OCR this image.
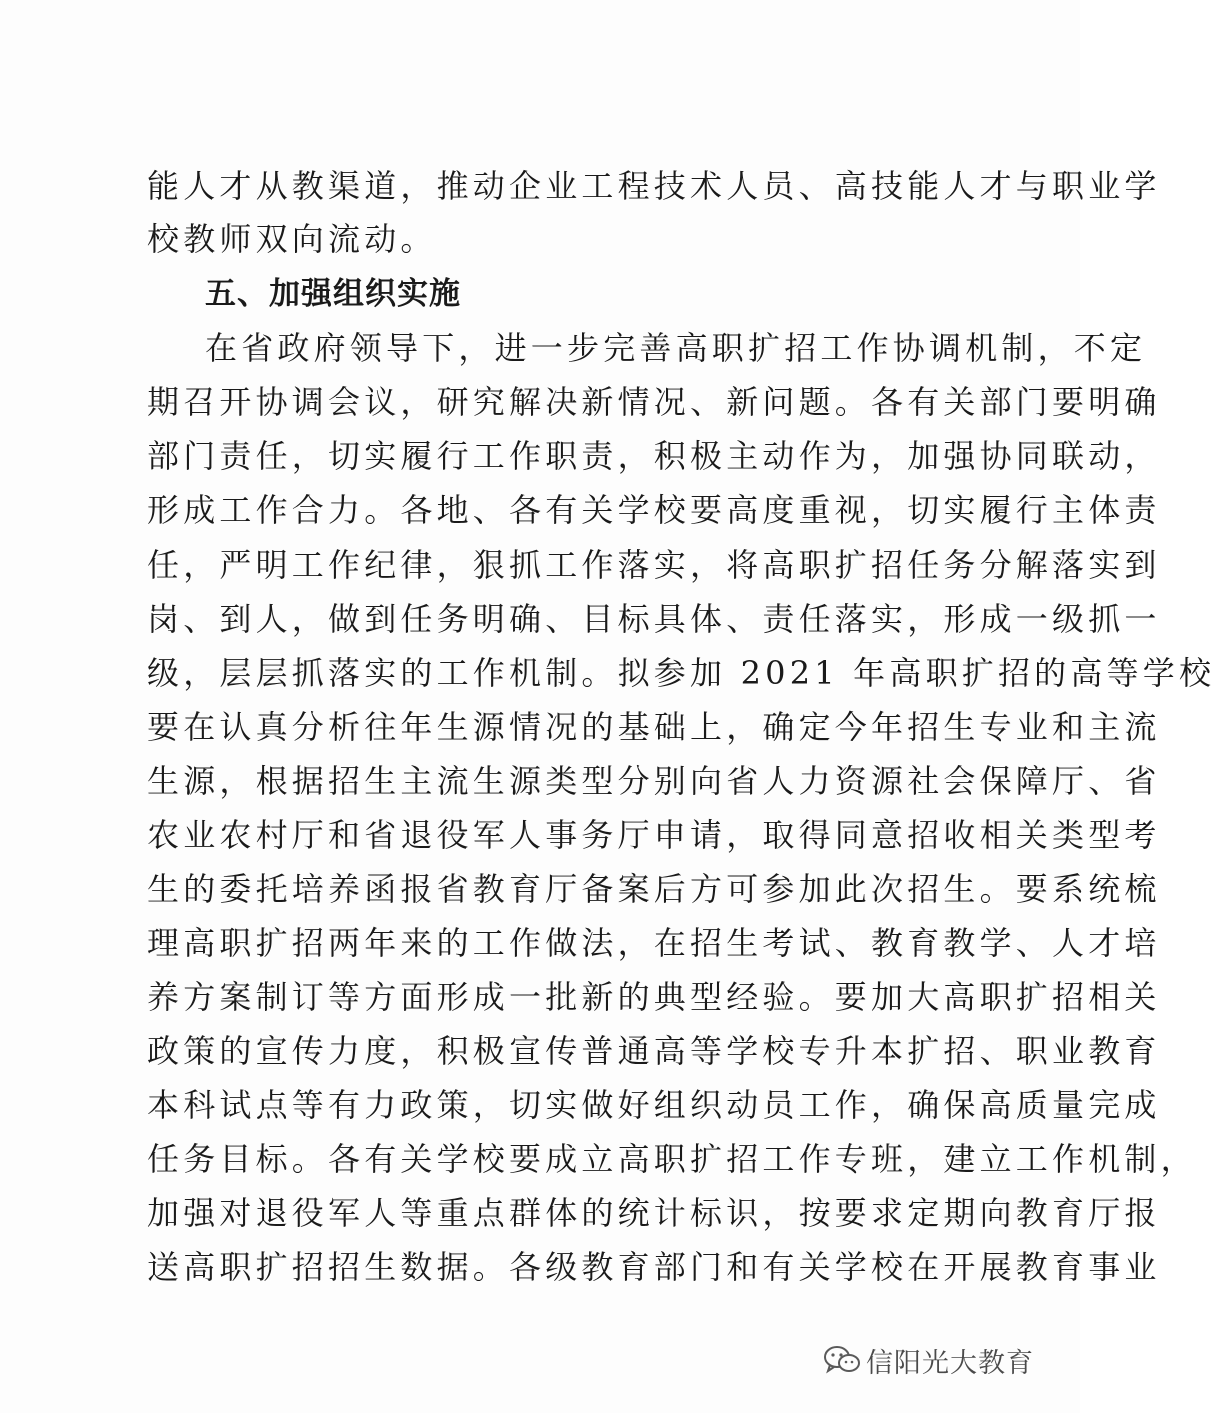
能人才从教渠道，推动企业工程技术人员、高技能人才与职业学
校教师双向流动。
五、加强组织实施
在省政府领导下，进一步完善高职扩招工作协调机制，不定
期召开协调会议，研究解决新情况、新问题。各有关部门要明确
部门责任，切实履行工作职责，积极主动作为，加强协同联动，
形成工作合力。各地、各有关学校要高度重视，切实履行主体责
任，严明工作纪律，狠抓工作落实，将高职扩招任务分解落实到
岗、到人，做到任务明确、目标具体、责任落实，形成一级抓一
级，层层抓落实的工作机制。拟参加 2021 年高职扩招的高等学校
要在认真分析往年生源情况的基础上，确定今年招生专业和主流
生源，根据招生主流生源类型分别向省人力资源社会保障厅、省
农业农村厅和省退役军人事务厅申请，取得同意招收相关类型考
生的委托培养函报省教育厅备案后方可参加此次招生。要系统梳
理高职扩招两年来的工作做法，在招生考试、教育教学、人才培
养方案制订等方面形成一批新的典型经验。要加大高职扩招相关
政策的宣传力度，积极宣传普通高等学校专升本扩招、职业教育
本科试点等有力政策，切实做好组织动员工作，确保高质量完成
任务目标。各有关学校要成立高职扩招工作专班，建立工作机制，
加强对退役军人等重点群体的统计标识，按要求定期向教育厅报
送高职扩招招生数据。各级教育部门和有关学校在开展教育事业
信阳光大教育
